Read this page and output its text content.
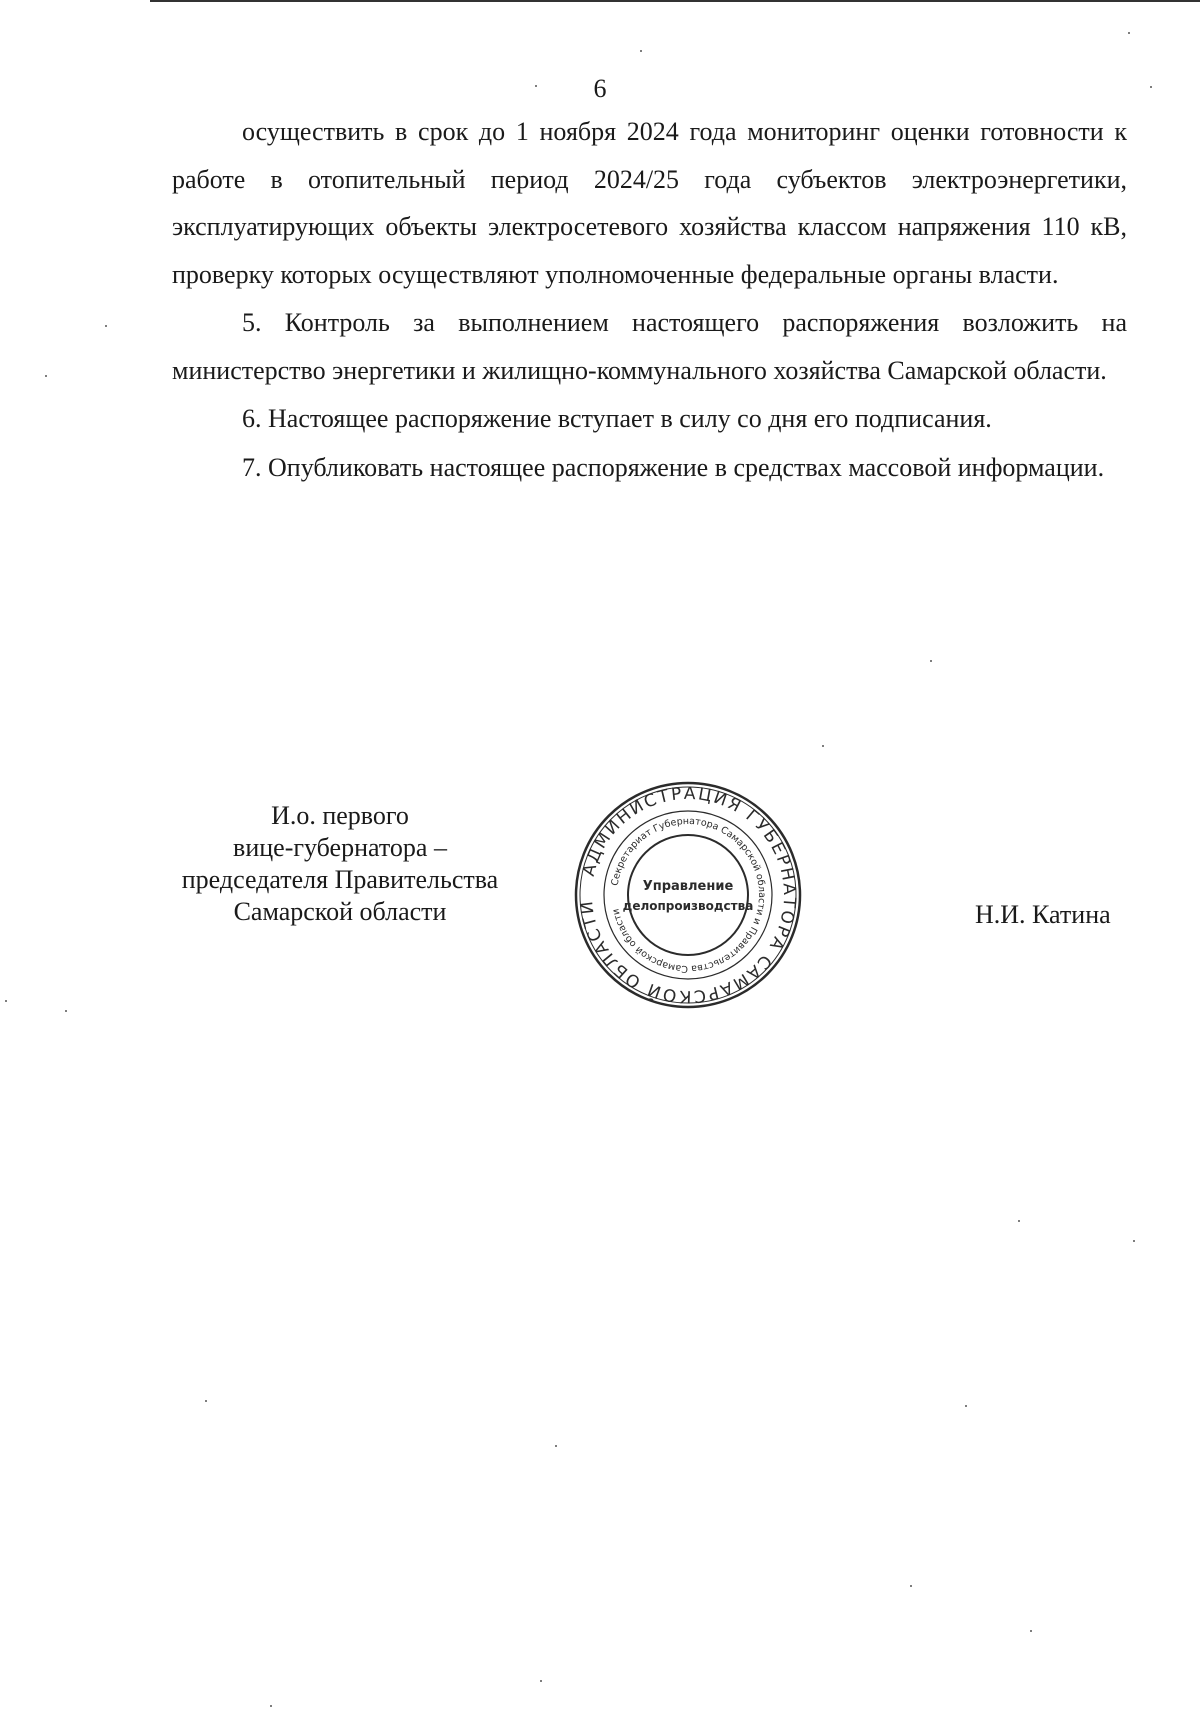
6

осуществить в срок до 1 ноября 2024 года мониторинг оценки готовности к работе в отопительный период 2024/25 года субъектов электроэнергетики, эксплуатирующих объекты электросетевого хозяйства классом напряжения 110 кВ, проверку которых осуществляют уполномоченные федеральные органы власти.

5. Контроль за выполнением настоящего распоряжения возложить на министерство энергетики и жилищно-коммунального хозяйства Самарской области.

6. Настоящее распоряжение вступает в силу со дня его подписания.

7. Опубликовать настоящее распоряжение в средствах массовой информации.

И.о. первого
вице-губернатора –
председателя Правительства
Самарской области
АДМИНИСТРАЦИЯ ГУБЕРНАТОРА САМАРСКОЙ ОБЛАСТИ
Секретариат Губернатора Самарской области и Правительства Самарской области
Управление
делопроизводства	Н.И. Катина
